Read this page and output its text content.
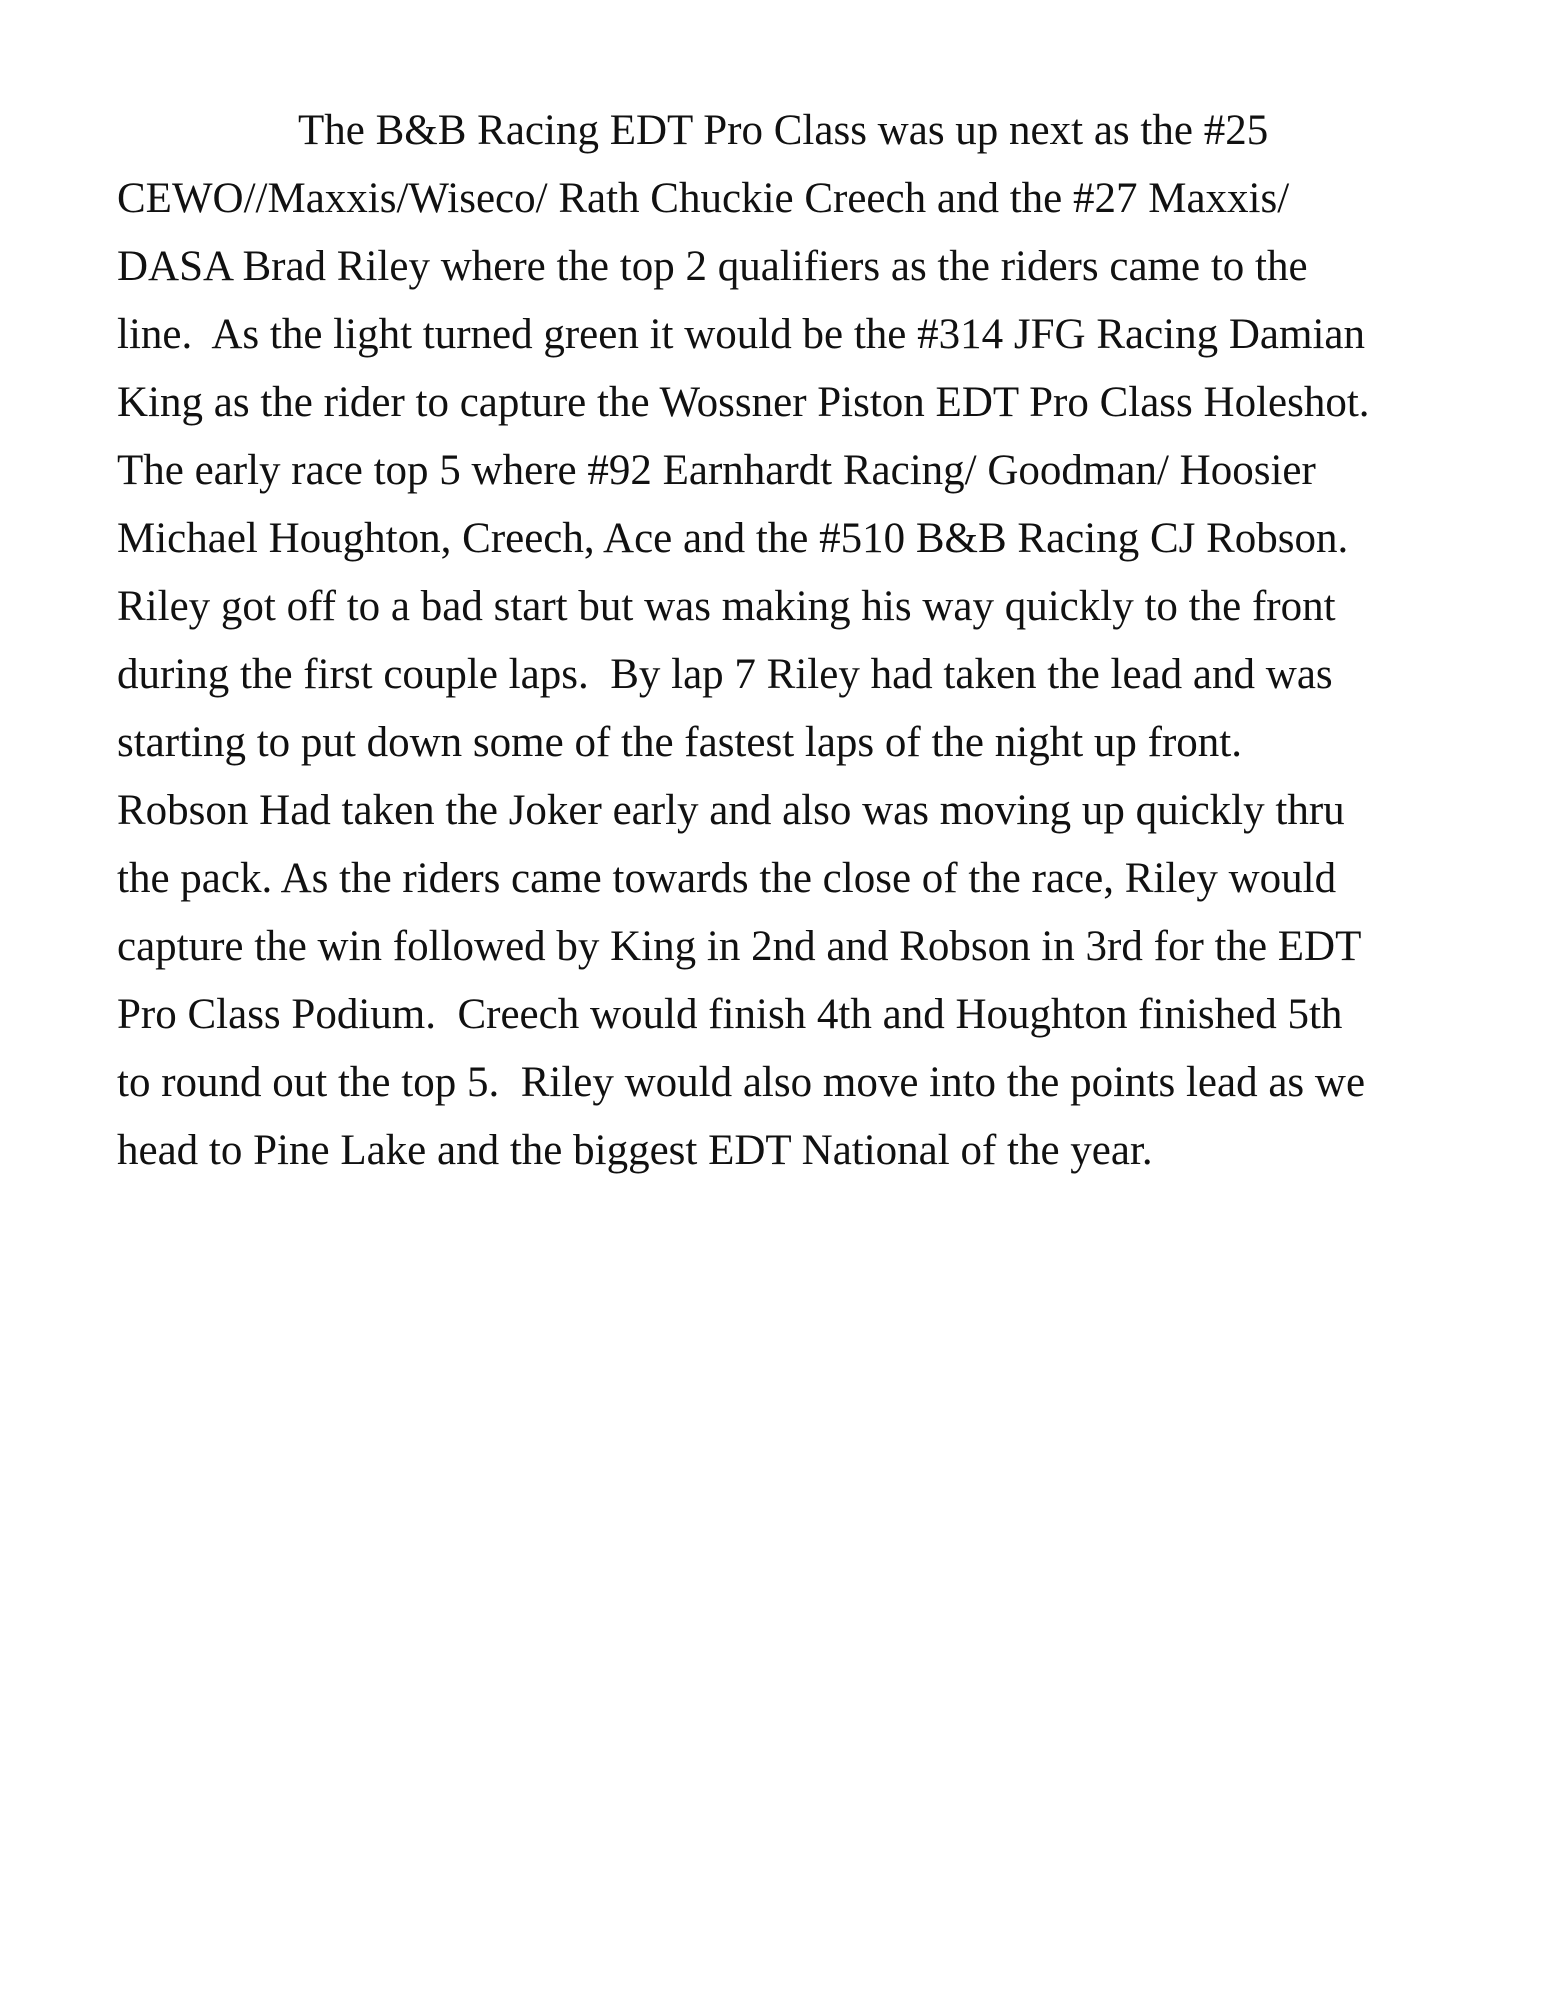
The B&B Racing EDT Pro Class was up next as the #25
CEWO//Maxxis/Wiseco/ Rath Chuckie Creech and the #27 Maxxis/
DASA Brad Riley where the top 2 qualifiers as the riders came to the
line.  As the light turned green it would be the #314 JFG Racing Damian
King as the rider to capture the Wossner Piston EDT Pro Class Holeshot.
The early race top 5 where #92 Earnhardt Racing/ Goodman/ Hoosier
Michael Houghton, Creech, Ace and the #510 B&B Racing CJ Robson.
Riley got off to a bad start but was making his way quickly to the front
during the first couple laps.  By lap 7 Riley had taken the lead and was
starting to put down some of the fastest laps of the night up front.
Robson Had taken the Joker early and also was moving up quickly thru
the pack. As the riders came towards the close of the race, Riley would
capture the win followed by King in 2nd and Robson in 3rd for the EDT
Pro Class Podium.  Creech would finish 4th and Houghton finished 5th
to round out the top 5.  Riley would also move into the points lead as we
head to Pine Lake and the biggest EDT National of the year.
